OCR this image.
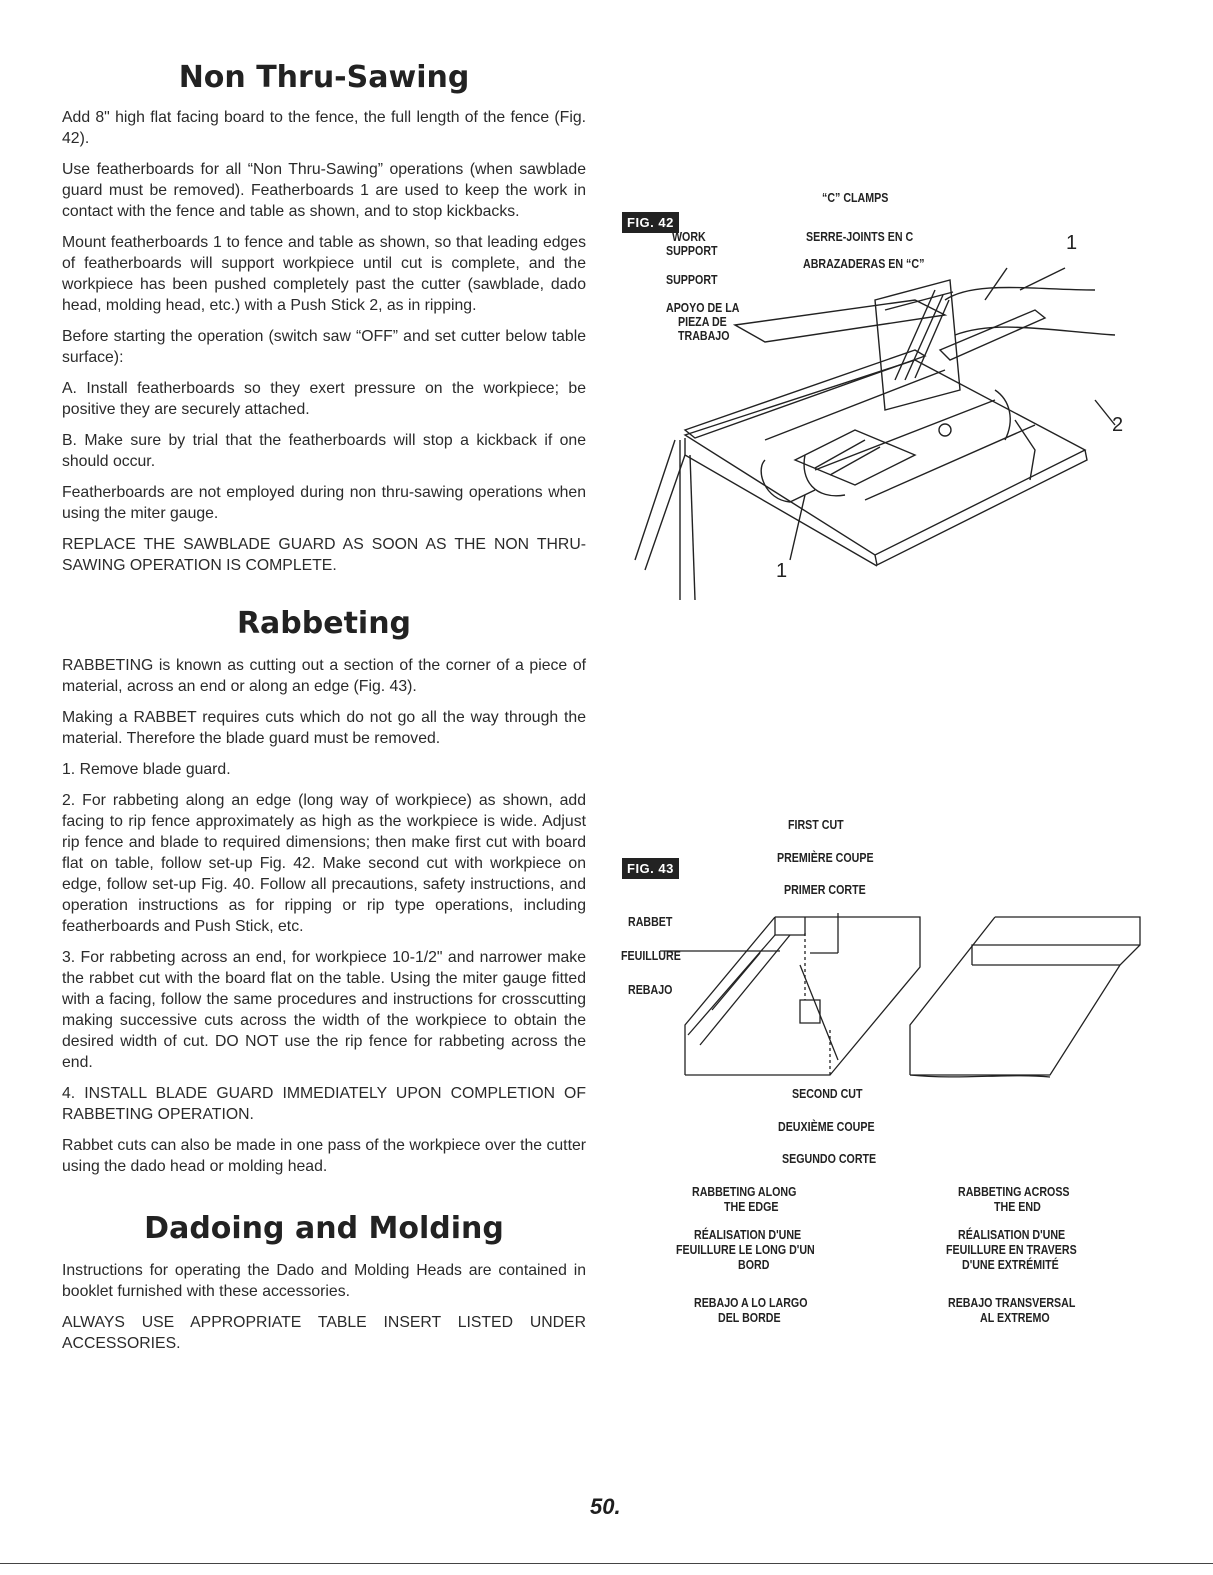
Non Thru-Sawing

Add 8" high flat facing board to the fence, the full length of the fence (Fig. 42).

Use featherboards for all “Non Thru-Sawing” operations (when sawblade guard must be removed). Featherboards 1 are used to keep the work in contact with the fence and table as shown, and to stop kickbacks.

Mount featherboards 1 to fence and table as shown, so that leading edges of featherboards will support workpiece until cut is complete, and the workpiece has been pushed completely past the cutter (sawblade, dado head, molding head, etc.) with a Push Stick 2, as in ripping.

Before starting the operation (switch saw “OFF” and set cutter below table surface):

A. Install featherboards so they exert pressure on the workpiece; be positive they are securely attached.

B. Make sure by trial that the featherboards will stop a kickback if one should occur.

Featherboards are not employed during non thru-sawing operations when using the miter gauge.

REPLACE THE SAWBLADE GUARD AS SOON AS THE NON THRU-SAWING OPERATION IS COMPLETE.

Rabbeting

RABBETING is known as cutting out a section of the corner of a piece of material, across an end or along an edge (Fig. 43).

Making a RABBET requires cuts which do not go all the way through the material. Therefore the blade guard must be removed.

1. Remove blade guard.

2. For rabbeting along an edge (long way of workpiece) as shown, add facing to rip fence approximately as high as the workpiece is wide. Adjust rip fence and blade to required dimensions; then make first cut with board flat on table, follow set-up Fig. 42. Make second cut with workpiece on edge, follow set-up Fig. 40. Follow all precautions, safety instructions, and operation instructions as for ripping or rip type operations, including featherboards and Push Stick, etc.

3. For rabbeting across an end, for workpiece 10-1/2" and narrower make the rabbet cut with the board flat on the table. Using the miter gauge fitted with a facing, follow the same procedures and instructions for crosscutting making successive cuts across the width of the workpiece to obtain the desired width of cut. DO NOT use the rip fence for rabbeting across the end.

4. INSTALL BLADE GUARD IMMEDIATELY UPON COMPLETION OF RABBETING OPERATION.

Rabbet cuts can also be made in one pass of the workpiece over the cutter using the dado head or molding head.

Dadoing and Molding

Instructions for operating the Dado and Molding Heads are contained in booklet furnished with these accessories.

ALWAYS USE APPROPRIATE TABLE INSERT LISTED UNDER ACCESSORIES.

FIG. 42
“C” CLAMPS
SERRE-JOINTS EN C
ABRAZADERAS EN “C”
WORK
SUPPORT
SUPPORT
APOYO DE LA
PIEZA DE
TRABAJO
1
2
1
FIG. 43
FIRST CUT
PREMIÈRE COUPE
PRIMER CORTE
RABBET
FEUILLURE
REBAJO
SECOND CUT
DEUXIÈME COUPE
SEGUNDO CORTE
RABBETING ALONG
THE EDGE
RÉALISATION D'UNE
FEUILLURE LE LONG D'UN
BORD
REBAJO A LO LARGO
DEL BORDE
RABBETING ACROSS
THE END
RÉALISATION D'UNE
FEUILLURE EN TRAVERS
D'UNE EXTRÉMITÉ
REBAJO TRANSVERSAL
AL EXTREMO
50.
